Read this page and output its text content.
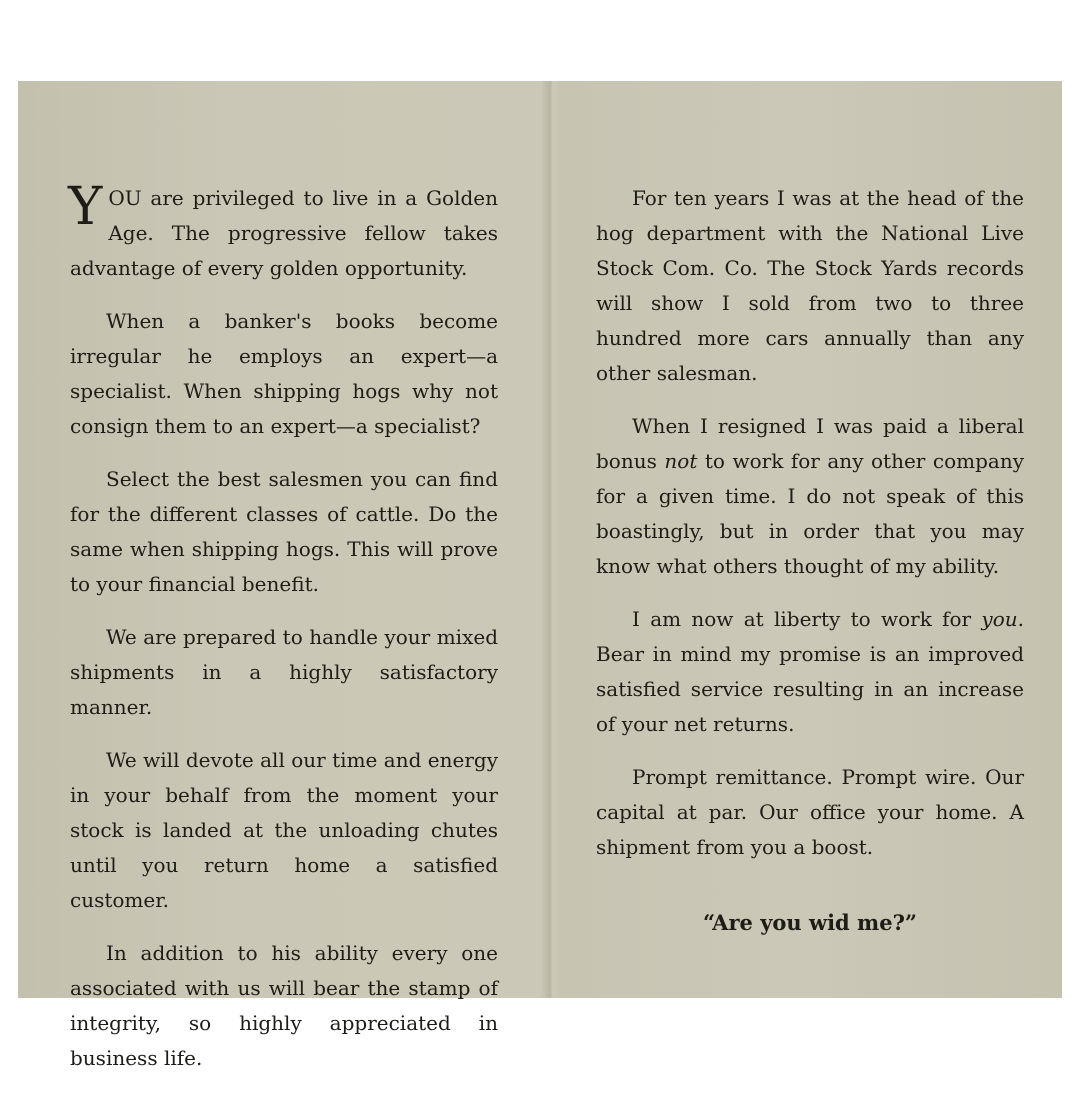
YOU are privileged to live in a Golden Age. The progressive fellow takes advantage of every golden opportunity.

When a banker's books become irregular he employs an expert—a specialist. When shipping hogs why not consign them to an expert—a specialist?

Select the best salesmen you can find for the different classes of cattle. Do the same when shipping hogs. This will prove to your financial benefit.

We are prepared to handle your mixed shipments in a highly satisfactory manner.

We will devote all our time and energy in your behalf from the moment your stock is landed at the unloading chutes until you return home a satisfied customer.

In addition to his ability every one associated with us will bear the stamp of integrity, so highly appreciated in business life.

For ten years I was at the head of the hog department with the National Live Stock Com. Co. The Stock Yards records will show I sold from two to three hundred more cars annually than any other salesman.

When I resigned I was paid a liberal bonus not to work for any other company for a given time. I do not speak of this boastingly, but in order that you may know what others thought of my ability.

I am now at liberty to work for you. Bear in mind my promise is an improved satisfied service resulting in an increase of your net returns.

Prompt remittance. Prompt wire. Our capital at par. Our office your home. A shipment from you a boost.

“Are you wid me?”
